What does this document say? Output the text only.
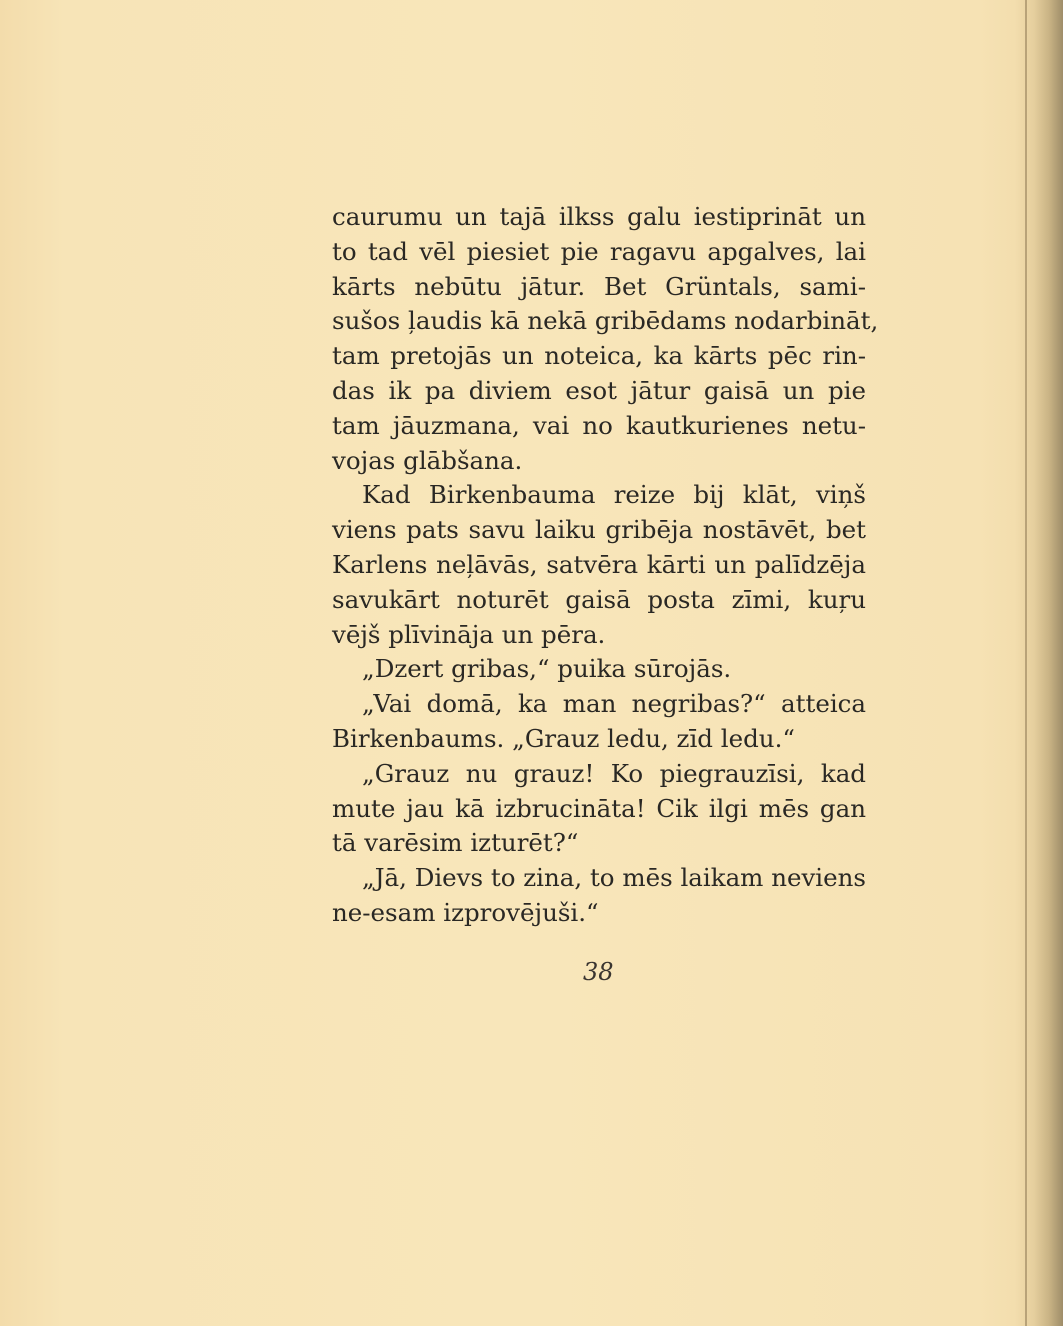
caurumu un tajā ilkss galu iestiprināt un
to tad vēl piesiet pie ragavu apgalves, lai
kārts nebūtu jātur. Bet Grüntals, sami-
sušos ļaudis kā nekā gribēdams nodarbināt,
tam pretojās un noteica, ka kārts pēc rin-
das ik pa diviem esot jātur gaisā un pie
tam jāuzmana, vai no kautkurienes netu-
vojas glābšana.
Kad Birkenbauma reize bij klāt, viņš
viens pats savu laiku gribēja nostāvēt, bet
Karlens neļāvās, satvēra kārti un palīdzēja
savukārt noturēt gaisā posta zīmi, kuŗu
vējš plīvināja un pēra.
„Dzert gribas,“ puika sūrojās.
„Vai domā, ka man negribas?“ atteica
Birkenbaums. „Grauz ledu, zīd ledu.“
„Grauz nu grauz! Ko piegrauzīsi, kad
mute jau kā izbrucināta! Cik ilgi mēs gan
tā varēsim izturēt?“
„Jā, Dievs to zina, to mēs laikam neviens
ne-esam izprovējuši.“
38
